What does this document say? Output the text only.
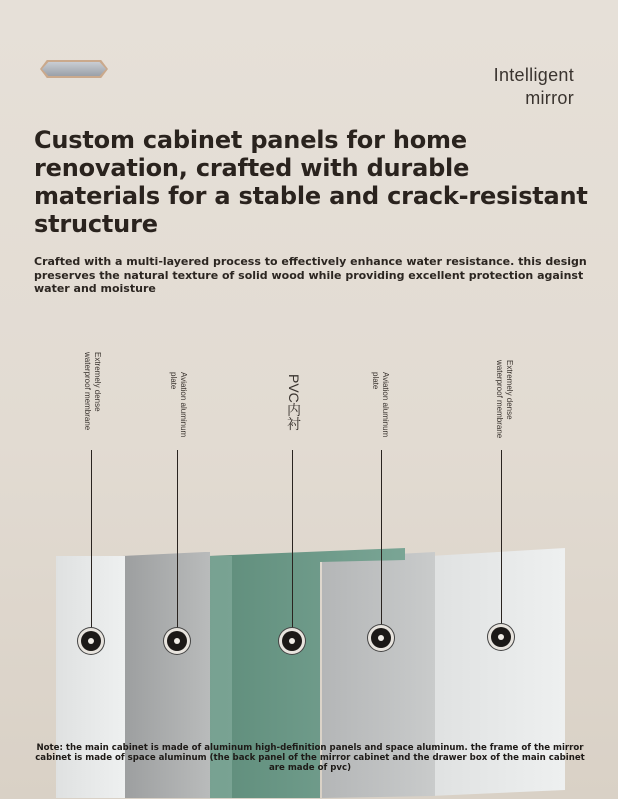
Intelligent
mirror
Custom cabinet panels for home renovation, crafted with durable materials for a stable and crack-resistant structure
Crafted with a multi-layered process to effectively enhance water resistance. this design preserves the natural texture of solid wood while providing excellent protection against water and moisture
Extremely dense waterproof membrane	Aviation aluminum plate	PVC内衬	Aviation aluminum plate	Extremely dense waterproof membrane
Note: the main cabinet is made of aluminum high-definition panels and space aluminum. the frame of the mirror cabinet is made of space aluminum (the back panel of the mirror cabinet and the drawer box of the main cabinet are made of pvc)
